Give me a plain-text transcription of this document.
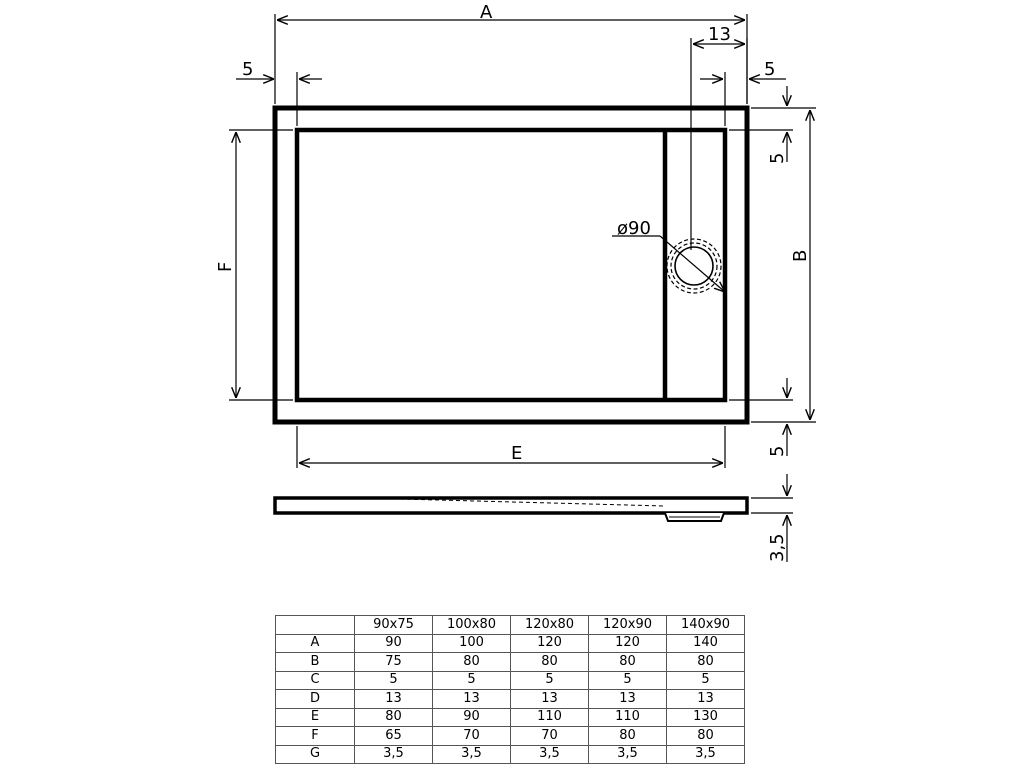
ø90
A
13
5	5
B
5
5
F
E
3,5
	90x75	100x80	120x80	120x90	140x90
A	90	100	120	120	140
B	75	80	80	80	80
C	5	5	5	5	5
D	13	13	13	13	13
E	80	90	110	110	130
F	65	70	70	80	80
G	3,5	3,5	3,5	3,5	3,5
